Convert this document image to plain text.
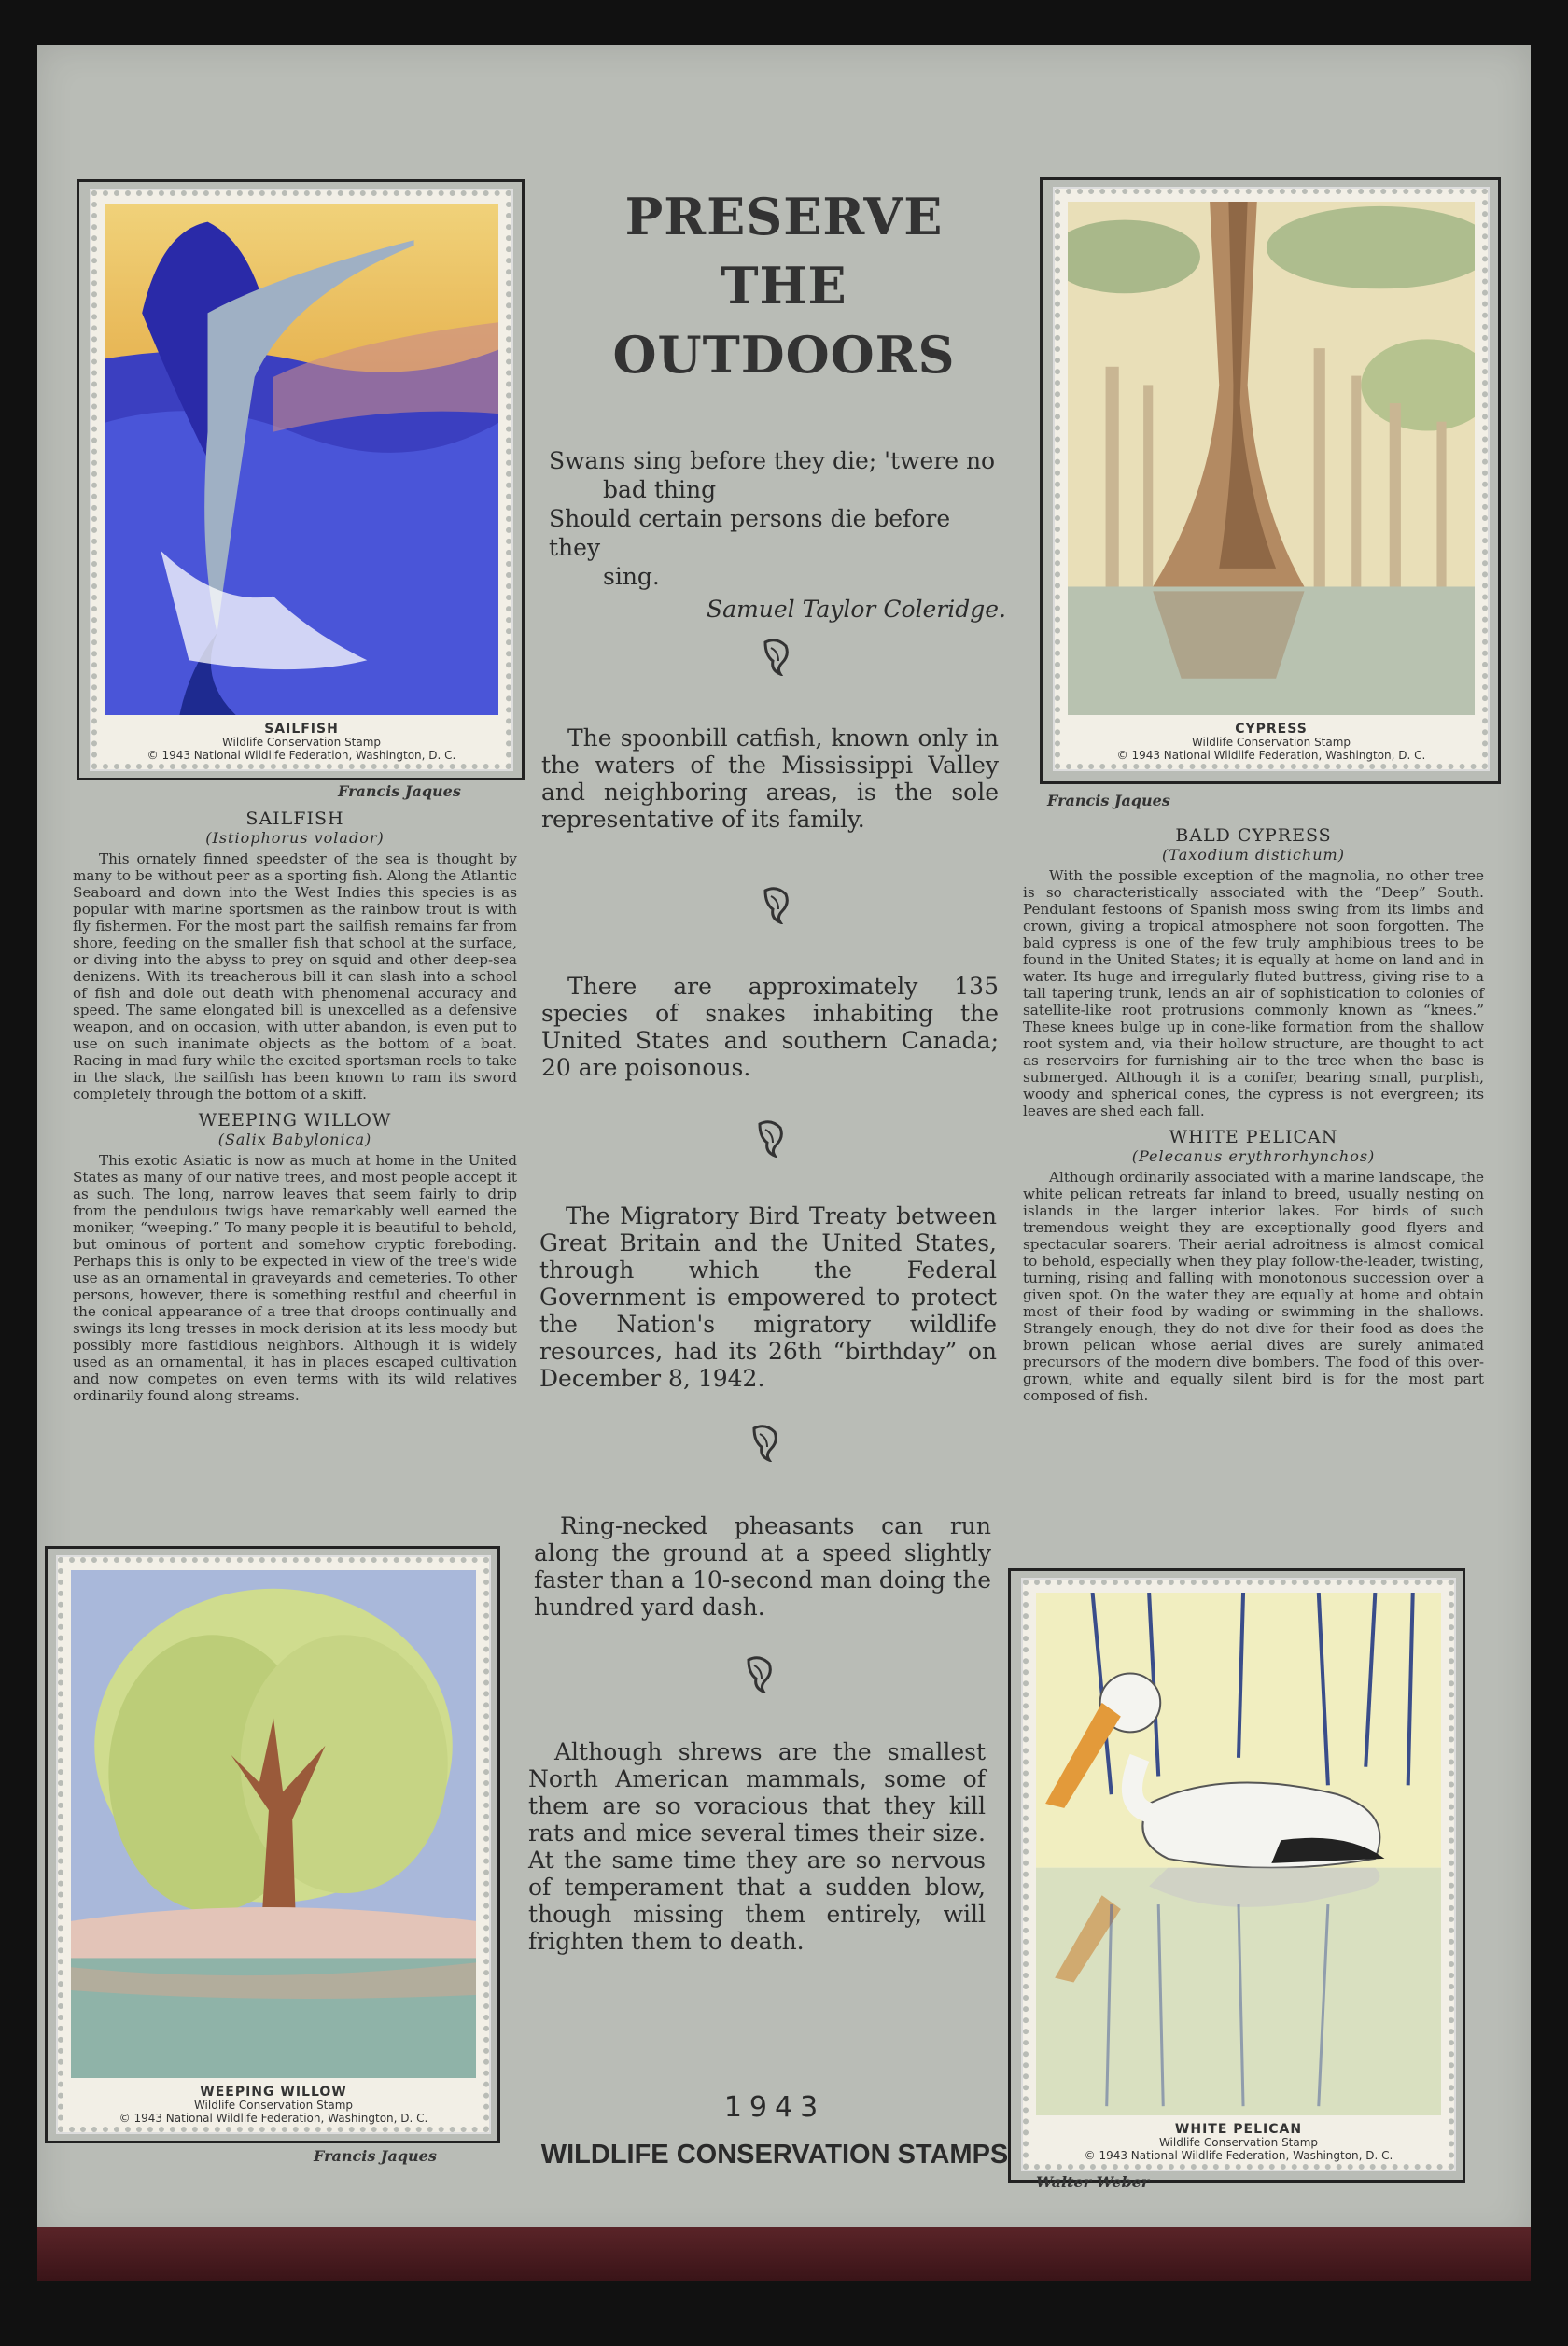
SAILFISH
Wildlife Conservation Stamp
© 1943 National Wildlife Federation, Washington, D. C.
Francis Jaques
SAILFISH
(Istiophorus volador)

This ornately finned speedster of the sea is thought by many to be without peer as a sporting fish. Along the Atlantic Seaboard and down into the West Indies this species is as popular with marine sportsmen as the rainbow trout is with fly fishermen. For the most part the sailfish remains far from shore, feeding on the smaller fish that school at the surface, or diving into the abyss to prey on squid and other deep-sea denizens. With its treacherous bill it can slash into a school of fish and dole out death with phenomenal accuracy and speed. The same elongated bill is unexcelled as a defensive weapon, and on occasion, with utter abandon, is even put to use on such inanimate objects as the bottom of a boat. Racing in mad fury while the excited sportsman reels to take in the slack, the sailfish has been known to ram its sword completely through the bottom of a skiff.

WEEPING WILLOW
(Salix Babylonica)

This exotic Asiatic is now as much at home in the United States as many of our native trees, and most people accept it as such. The long, narrow leaves that seem fairly to drip from the pendulous twigs have remarkably well earned the moniker, “weeping.” To many people it is beautiful to behold, but ominous of portent and somehow cryptic foreboding. Perhaps this is only to be expected in view of the tree's wide use as an ornamental in graveyards and cemeteries. To other persons, however, there is something restful and cheerful in the conical appearance of a tree that droops continually and swings its long tresses in mock derision at its less moody but possibly more fastidious neighbors. Although it is widely used as an ornamental, it has in places escaped cultivation and now competes on even terms with its wild relatives ordinarily found along streams.

WEEPING WILLOW
Wildlife Conservation Stamp
© 1943 National Wildlife Federation, Washington, D. C.
Francis Jaques
PRESERVE
THE OUTDOORS
Swans sing before they die; 'twere no
bad thing
Should certain persons die before they
sing.
Samuel Taylor Coleridge.
The spoonbill catfish, known only in the waters of the Mississippi Valley and neighboring areas, is the sole representative of its family.
There are approximately 135 species of snakes inhabiting the United States and southern Canada; 20 are poisonous.
The Migratory Bird Treaty between Great Britain and the United States, through which the Federal Government is empowered to protect the Nation's migratory wildlife resources, had its 26th “birthday” on December 8, 1942.
Ring-necked pheasants can run along the ground at a speed slightly faster than a 10-second man doing the hundred yard dash.
Although shrews are the smallest North American mammals, some of them are so voracious that they kill rats and mice several times their size. At the same time they are so nervous of temperament that a sudden blow, though missing them entirely, will frighten them to death.
1943
WILDLIFE CONSERVATION STAMPS
CYPRESS
Wildlife Conservation Stamp
© 1943 National Wildlife Federation, Washington, D. C.
Francis Jaques
BALD CYPRESS
(Taxodium distichum)

With the possible exception of the magnolia, no other tree is so characteristically associated with the “Deep” South. Pendulant festoons of Spanish moss swing from its limbs and crown, giving a tropical atmosphere not soon forgotten. The bald cypress is one of the few truly amphibious trees to be found in the United States; it is equally at home on land and in water. Its huge and irregularly fluted buttress, giving rise to a tall tapering trunk, lends an air of sophistication to colonies of satellite-like root protrusions commonly known as “knees.” These knees bulge up in cone-like formation from the shallow root system and, via their hollow structure, are thought to act as reservoirs for furnishing air to the tree when the base is submerged. Although it is a conifer, bearing small, purplish, woody and spherical cones, the cypress is not evergreen; its leaves are shed each fall.

WHITE PELICAN
(Pelecanus erythrorhynchos)

Although ordinarily associated with a marine landscape, the white pelican retreats far inland to breed, usually nesting on islands in the larger interior lakes. For birds of such tremendous weight they are exceptionally good flyers and spectacular soarers. Their aerial adroitness is almost comical to behold, especially when they play follow-the-leader, twisting, turning, rising and falling with monotonous succession over a given spot. On the water they are equally at home and obtain most of their food by wading or swimming in the shallows. Strangely enough, they do not dive for their food as does the brown pelican whose aerial dives are surely animated precursors of the modern dive bombers. The food of this over-grown, white and equally silent bird is for the most part composed of fish.

WHITE PELICAN
Wildlife Conservation Stamp
© 1943 National Wildlife Federation, Washington, D. C.
Walter Weber
